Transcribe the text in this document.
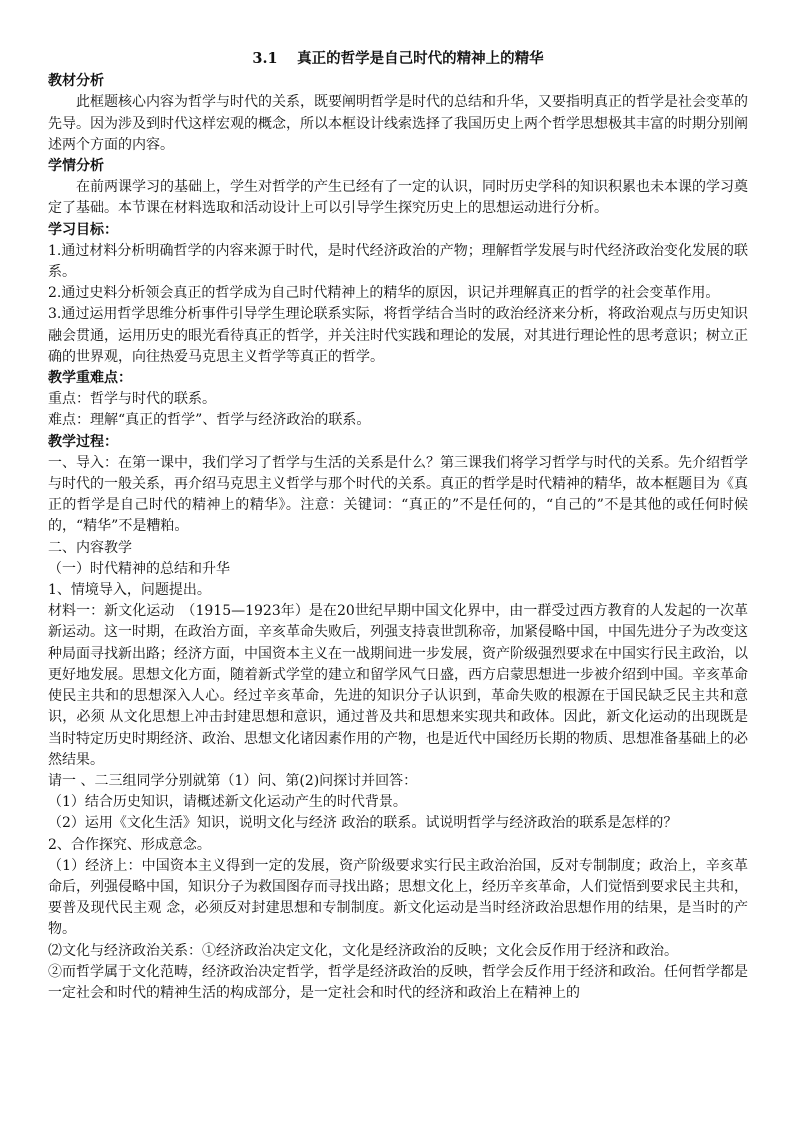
3.1　 真正的哲学是自己时代的精神上的精华

教材分析

此框题核心内容为哲学与时代的关系，既要阐明哲学是时代的总结和升华，又要指明真正的哲学是社会变革的先导。因为涉及到时代这样宏观的概念，所以本框设计线索选择了我国历史上两个哲学思想极其丰富的时期分别阐述两个方面的内容。

学情分析

在前两课学习的基础上，学生对哲学的产生已经有了一定的认识，同时历史学科的知识积累也未本课的学习奠定了基础。本节课在材料选取和活动设计上可以引导学生探究历史上的思想运动进行分析。

学习目标：

1.通过材料分析明确哲学的内容来源于时代，是时代经济政治的产物；理解哲学发展与时代经济政治变化发展的联系。

2.通过史料分析领会真正的哲学成为自己时代精神上的精华的原因，识记并理解真正的哲学的社会变革作用。

3.通过运用哲学思维分析事件引导学生理论联系实际，将哲学结合当时的政治经济来分析，将政治观点与历史知识融会贯通，运用历史的眼光看待真正的哲学，并关注时代实践和理论的发展，对其进行理论性的思考意识；树立正确的世界观，向往热爱马克思主义哲学等真正的哲学。

教学重难点：

重点：哲学与时代的联系。

难点：理解“真正的哲学”、哲学与经济政治的联系。

教学过程：

一、导入：在第一课中，我们学习了哲学与生活的关系是什么？第三课我们将学习哲学与时代的关系。先介绍哲学与时代的一般关系，再介绍马克思主义哲学与那个时代的关系。真正的哲学是时代精神的精华，故本框题目为《真正的哲学是自己时代的精神上的精华》。注意：关键词：“真正的”不是任何的，“自己的”不是其他的或任何时候的，“精华”不是糟粕。

二、内容教学

（一）时代精神的总结和升华

1、情境导入，问题提出。

材料一：新文化运动　（1915—1923年）是在20世纪早期中国文化界中，由一群受过西方教育的人发起的一次革新运动。这一时期，在政治方面，辛亥革命失败后，列强支持袁世凯称帝，加紧侵略中国，中国先进分子为改变这种局面寻找新出路；经济方面，中国资本主义在一战期间进一步发展，资产阶级强烈要求在中国实行民主政治，以更好地发展。思想文化方面，随着新式学堂的建立和留学风气日盛，西方启蒙思想进一步被介绍到中国。辛亥革命使民主共和的思想深入人心。经过辛亥革命，先进的知识分子认识到，革命失败的根源在于国民缺乏民主共和意识，必须 从文化思想上冲击封建思想和意识，通过普及共和思想来实现共和政体。因此，新文化运动的出现既是当时特定历史时期经济、政治、思想文化诸因素作用的产物，也是近代中国经历长期的物质、思想准备基础上的必然结果。

请一 、二三组同学分别就第（1）问、第(2)问探讨并回答：

（1）结合历史知识，请概述新文化运动产生的时代背景。

（2）运用《文化生活》知识，说明文化与经济 政治的联系。试说明哲学与经济政治的联系是怎样的？

2、合作探究、形成意念。

（1）经济上：中国资本主义得到一定的发展，资产阶级要求实行民主政治治国，反对专制制度；政治上，辛亥革命后，列强侵略中国，知识分子为救国图存而寻找出路；思想文化上，经历辛亥革命，人们觉悟到要求民主共和，要普及现代民主观 念，必须反对封建思想和专制制度。新文化运动是当时经济政治思想作用的结果，是当时的产物。

⑵文化与经济政治关系：①经济政治决定文化，文化是经济政治的反映；文化会反作用于经济和政治。

②而哲学属于文化范畴，经济政治决定哲学，哲学是经济政治的反映，哲学会反作用于经济和政治。任何哲学都是一定社会和时代的精神生活的构成部分，是一定社会和时代的经济和政治上在精神上的
